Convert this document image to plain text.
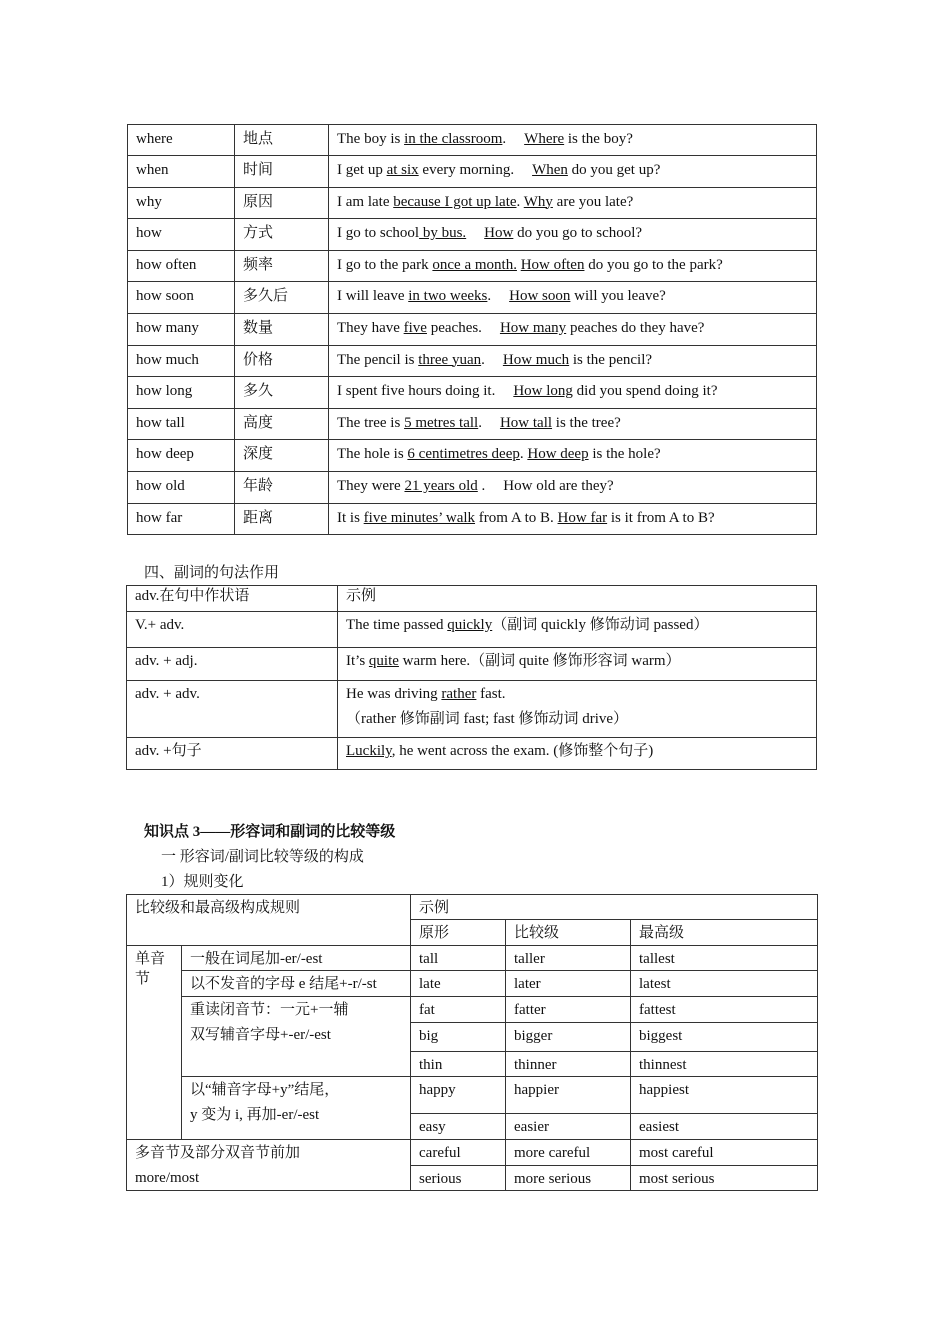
where	地点	The boy is in the classroom. Where is the boy?
when	时间	I get up at six every morning. When do you get up?
why	原因	I am late because I got up late. Why are you late?
how	方式	I go to school by bus. How do you go to school?
how often	频率	I go to the park once a month. How often do you go to the park?
how soon	多久后	I will leave in two weeks. How soon will you leave?
how many	数量	They have five peaches. How many peaches do they have?
how much	价格	The pencil is three yuan. How much is the pencil?
how long	多久	I spent five hours doing it. How long did you spend doing it?
how tall	高度	The tree is 5 metres tall. How tall is the tree?
how deep	深度	The hole is 6 centimetres deep. How deep is the hole?
how old	年龄	They were 21 years old . How old are they?
how far	距离	It is five minutes’ walk from A to B. How far is it from A to B?
四、副词的句法作用
adv.在句中作状语	示例
V.+ adv.	The time passed quickly（副词 quickly 修饰动词 passed）

adv. + adj.	It’s quite warm here.（副词 quite 修饰形容词 warm）

adv. + adv.	He was driving rather fast.
（rather 修饰副词 fast; fast 修饰动词 drive）

adv. +句子	Luckily, he went across the exam. (修饰整个句子)
知识点 3——形容词和副词的比较等级
一 形容词/副词比较等级的构成
1）规则变化
比较级和最高级构成规则		示例		
		原形	比较级	最高级
单音节	一般在词尾加-er/-est	tall	taller	tallest
	以不发音的字母 e 结尾+-r/-st	late	later	latest

	重读闭音节：一元+一辅
双写辅音字母+-er/-est	fat	fatter	fattest
		big	bigger	biggest
		thin	thinner	thinnest

	以“辅音字母+y”结尾，
y 变为 i, 再加-er/-est	happy	happier	happiest
		easy	easier	easiest

多音节及部分双音节前加
more/most		careful	more careful	most careful
		serious	more serious	most serious
